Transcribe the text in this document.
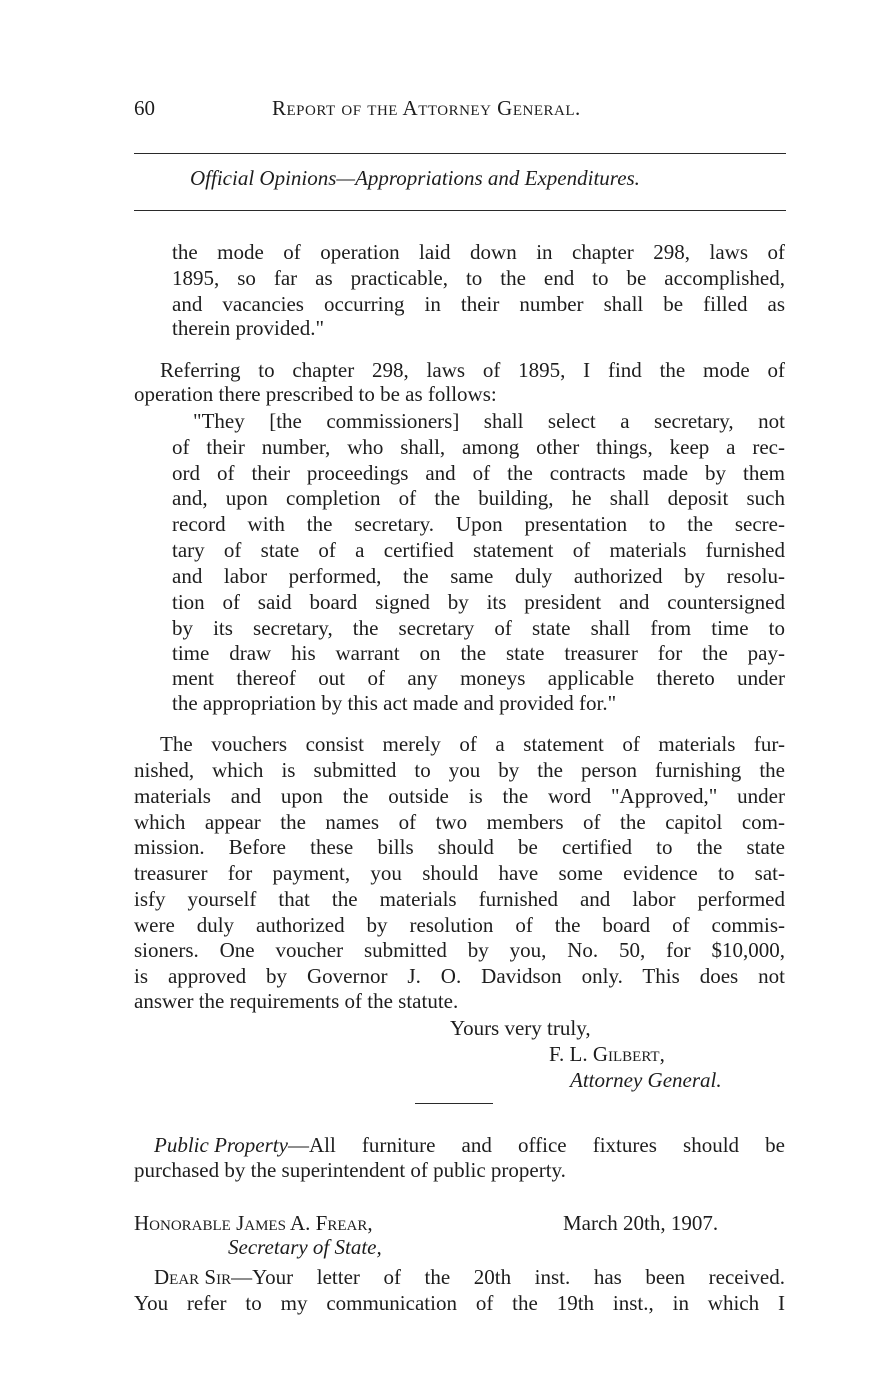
60	Report of the Attorney General.
Official Opinions—Appropriations and Expenditures.
the mode of operation laid down in chapter 298, laws of
1895, so far as practicable, to the end to be accomplished,
and vacancies occurring in their number shall be filled as
therein provided."
Referring to chapter 298, laws of 1895, I find the mode of
operation there prescribed to be as follows:
"They [the commissioners] shall select a secretary, not
of their number, who shall, among other things, keep a rec-
ord of their proceedings and of the contracts made by them
and, upon completion of the building, he shall deposit such
record with the secretary. Upon presentation to the secre-
tary of state of a certified statement of materials furnished
and labor performed, the same duly authorized by resolu-
tion of said board signed by its president and countersigned
by its secretary, the secretary of state shall from time to
time draw his warrant on the state treasurer for the pay-
ment thereof out of any moneys applicable thereto under
the appropriation by this act made and provided for."
The vouchers consist merely of a statement of materials fur-
nished, which is submitted to you by the person furnishing the
materials and upon the outside is the word "Approved," under
which appear the names of two members of the capitol com-
mission. Before these bills should be certified to the state
treasurer for payment, you should have some evidence to sat-
isfy yourself that the materials furnished and labor performed
were duly authorized by resolution of the board of commis-
sioners. One voucher submitted by you, No. 50, for $10,000,
is approved by Governor J. O. Davidson only. This does not
answer the requirements of the statute.
Yours very truly,
F. L. Gilbert,
Attorney General.
Public Property —All furniture and office fixtures should be
purchased by the superintendent of public property.
Honorable James A. Frear,	March 20th, 1907.
Secretary of State,
Dear Sir —Your letter of the 20th inst. has been received.
You refer to my communication of the 19th inst., in which I
